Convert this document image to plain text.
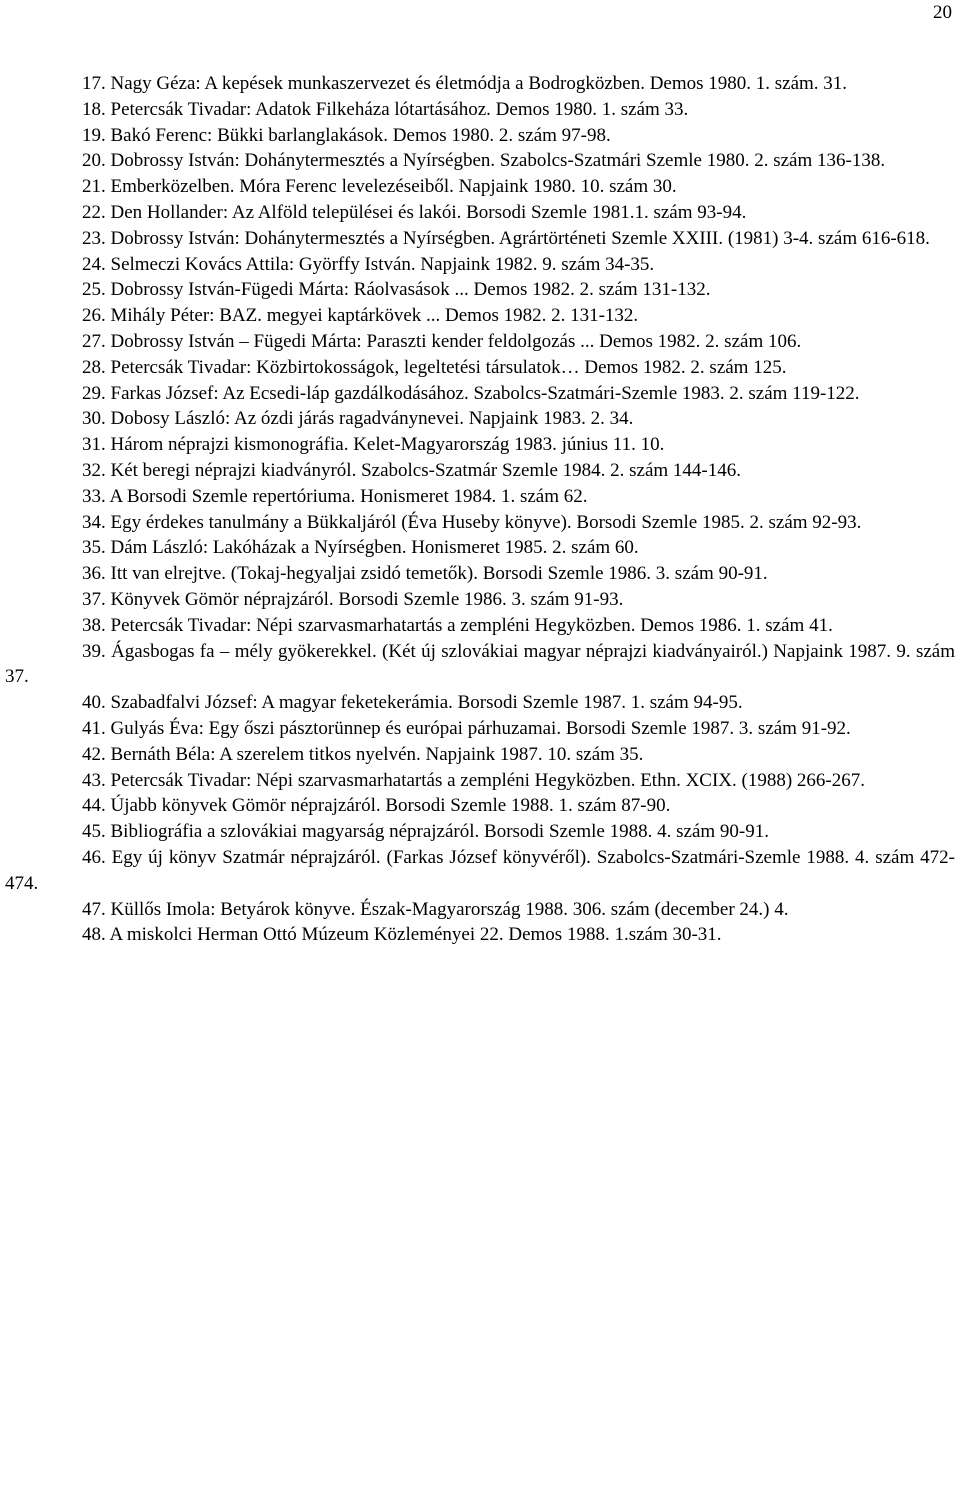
20

17. Nagy Géza: A kepések munkaszervezet és életmódja a Bodrogközben. Demos 1980. 1. szám. 31.

18. Petercsák Tivadar: Adatok Filkeháza lótartásához. Demos 1980. 1. szám 33.

19. Bakó Ferenc: Bükki barlanglakások. Demos 1980. 2. szám 97-98.

20. Dobrossy István: Dohánytermesztés a Nyírségben. Szabolcs-Szatmári Szemle 1980. 2. szám 136-138.

21. Emberközelben. Móra Ferenc levelezéseiből. Napjaink 1980. 10. szám 30.

22. Den Hollander: Az Alföld települései és lakói. Borsodi Szemle 1981.1. szám 93-94.

23. Dobrossy István: Dohánytermesztés a Nyírségben. Agrártörténeti Szemle XXIII. (1981) 3-4. szám 616-618.

24. Selmeczi Kovács Attila: Györffy István. Napjaink 1982. 9. szám 34-35.

25. Dobrossy István-Fügedi Márta: Ráolvasások ... Demos 1982. 2. szám 131-132.

26. Mihály Péter: BAZ. megyei kaptárkövek ... Demos 1982. 2. 131-132.

27. Dobrossy István – Fügedi Márta: Paraszti kender feldolgozás ... Demos 1982. 2. szám 106.

28. Petercsák Tivadar: Közbirtokosságok, legeltetési társulatok… Demos 1982. 2. szám 125.

29. Farkas József: Az Ecsedi-láp gazdálkodásához. Szabolcs-Szatmári-Szemle 1983. 2. szám 119-122.

30. Dobosy László: Az ózdi járás ragadványnevei. Napjaink 1983. 2. 34.

31. Három néprajzi kismonográfia. Kelet-Magyarország 1983. június 11. 10.

32. Két beregi néprajzi kiadványról. Szabolcs-Szatmár Szemle 1984. 2. szám 144-146.

33. A Borsodi Szemle repertóriuma. Honismeret 1984. 1. szám 62.

34. Egy érdekes tanulmány a Bükkaljáról (Éva Huseby könyve). Borsodi Szemle 1985. 2. szám 92-93.

35. Dám László: Lakóházak a Nyírségben. Honismeret 1985. 2. szám 60.

36. Itt van elrejtve. (Tokaj-hegyaljai zsidó temetők). Borsodi Szemle 1986. 3. szám 90-91.

37. Könyvek Gömör néprajzáról. Borsodi Szemle 1986. 3. szám 91-93.

38. Petercsák Tivadar: Népi szarvasmarhatartás a zempléni Hegyközben. Demos 1986. 1. szám 41.

39. Ágasbogas fa – mély gyökerekkel. (Két új szlovákiai magyar néprajzi kiadványairól.) Napjaink 1987. 9. szám 37.

40. Szabadfalvi József: A magyar feketekerámia. Borsodi Szemle 1987. 1. szám 94-95.

41. Gulyás Éva: Egy őszi pásztorünnep és európai párhuzamai. Borsodi Szemle 1987. 3. szám 91-92.

42. Bernáth Béla: A szerelem titkos nyelvén. Napjaink 1987. 10. szám 35.

43. Petercsák Tivadar: Népi szarvasmarhatartás a zempléni Hegyközben. Ethn. XCIX. (1988) 266-267.

44. Újabb könyvek Gömör néprajzáról. Borsodi Szemle 1988. 1. szám 87-90.

45. Bibliográfia a szlovákiai magyarság néprajzáról. Borsodi Szemle 1988. 4. szám 90-91.

46. Egy új könyv Szatmár néprajzáról. (Farkas József könyvéről). Szabolcs-Szatmári-Szemle 1988. 4. szám 472-474.

47. Küllős Imola: Betyárok könyve. Észak-Magyarország 1988. 306. szám (december 24.) 4.

48. A miskolci Herman Ottó Múzeum Közleményei 22. Demos 1988. 1.szám 30-31.
